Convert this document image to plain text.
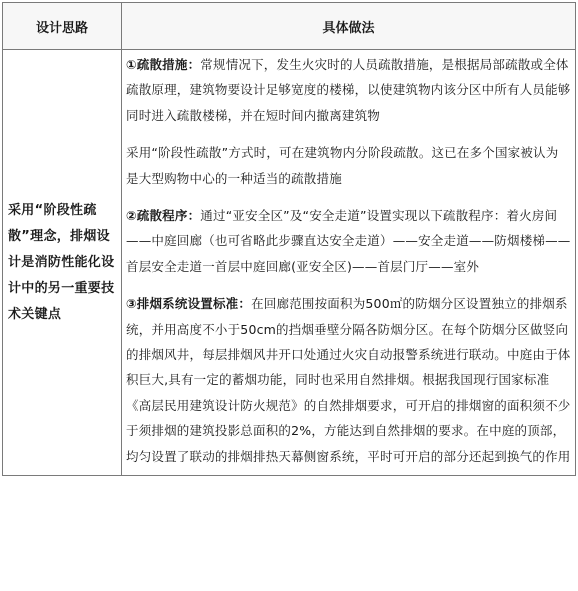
设计思路	具体做法
采用“阶段性疏散”理念，排烟设计是消防性能化设计中的另一重要技术关键点	①疏散措施：常规情况下，发生火灾时的人员疏散措施，是根据局部疏散或全体疏散原理，建筑物要设计足够宽度的楼梯，以使建筑物内该分区中所有人员能够同时进入疏散楼梯，并在短时间内撤离建筑物

采用“阶段性疏散”方式时，可在建筑物内分阶段疏散。这已在多个国家被认为是大型购物中心的一种适当的疏散措施

②疏散程序：通过“亚安全区”及“安全走道”设置实现以下疏散程序：着火房间——中庭回廊（也可省略此步骤直达安全走道）——安全走道——防烟楼梯——首层安全走道一首层中庭回廊(亚安全区)——首层门厅——室外

③排烟系统设置标准：在回廊范围按面积为500㎡的防烟分区设置独立的排烟系统，并用高度不小于50cm的挡烟垂壁分隔各防烟分区。在每个防烟分区做竖向的排烟风井，每层排烟风井开口处通过火灾自动报警系统进行联动。中庭由于体积巨大,具有一定的蓄烟功能，同时也采用自然排烟。根据我国现行国家标准《高层民用建筑设计防火规范》的自然排烟要求，可开启的排烟窗的面积须不少于须排烟的建筑投影总面积的2%，方能达到自然排烟的要求。在中庭的顶部，均匀设置了联动的排烟排热天幕侧窗系统，平时可开启的部分还起到换气的作用
